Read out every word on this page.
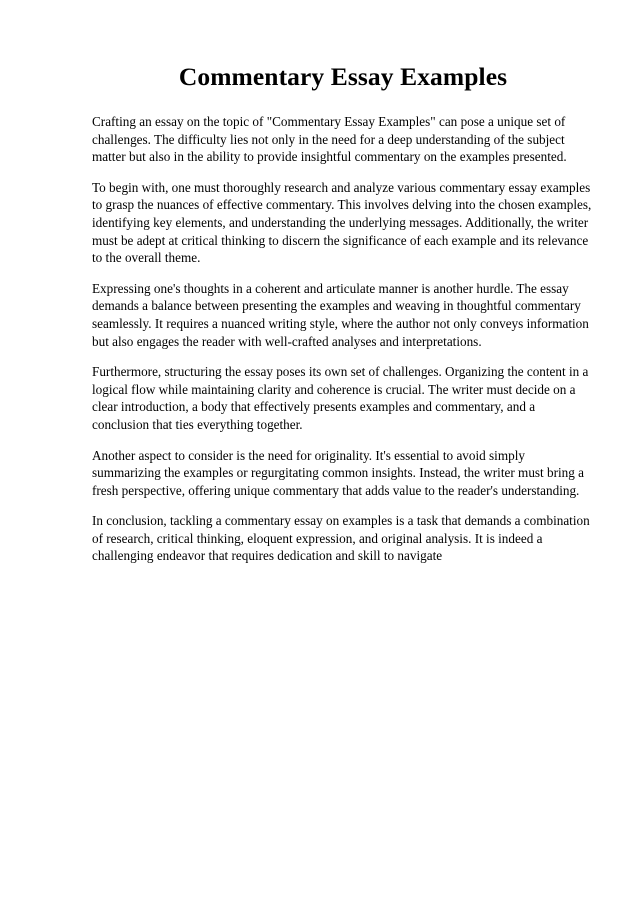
Commentary Essay Examples

Crafting an essay on the topic of "Commentary Essay Examples" can pose a unique set of challenges. The difficulty lies not only in the need for a deep understanding of the subject matter but also in the ability to provide insightful commentary on the examples presented.

To begin with, one must thoroughly research and analyze various commentary essay examples to grasp the nuances of effective commentary. This involves delving into the chosen examples, identifying key elements, and understanding the underlying messages. Additionally, the writer must be adept at critical thinking to discern the significance of each example and its relevance to the overall theme.

Expressing one's thoughts in a coherent and articulate manner is another hurdle. The essay demands a balance between presenting the examples and weaving in thoughtful commentary seamlessly. It requires a nuanced writing style, where the author not only conveys information but also engages the reader with well-crafted analyses and interpretations.

Furthermore, structuring the essay poses its own set of challenges. Organizing the content in a logical flow while maintaining clarity and coherence is crucial. The writer must decide on a clear introduction, a body that effectively presents examples and commentary, and a conclusion that ties everything together.

Another aspect to consider is the need for originality. It's essential to avoid simply summarizing the examples or regurgitating common insights. Instead, the writer must bring a fresh perspective, offering unique commentary that adds value to the reader's understanding.

In conclusion, tackling a commentary essay on examples is a task that demands a combination of research, critical thinking, eloquent expression, and original analysis. It is indeed a challenging endeavor that requires dedication and skill to navigate
